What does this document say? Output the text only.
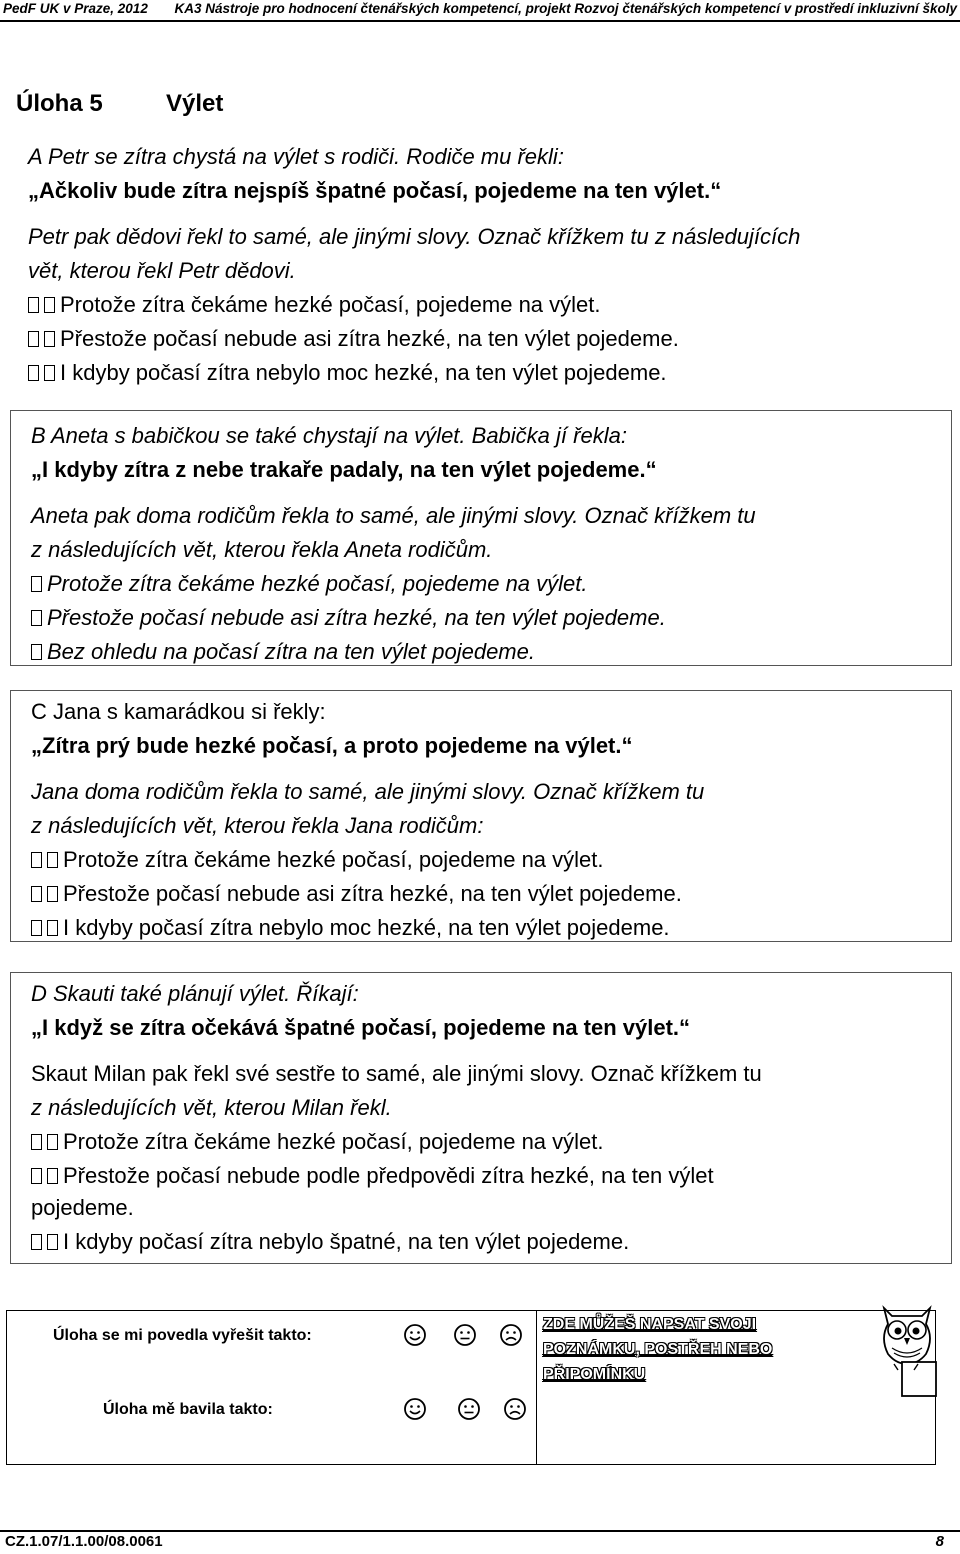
PedF UK v Praze, 2012 KA3 Nástroje pro hodnocení čtenářských kompetencí, projekt Rozvoj čtenářských kompetencí v prostředí inkluzivní školy
Úloha 5	Výlet
A Petr se zítra chystá na výlet s rodiči. Rodiče mu řekli:
„Ačkoliv bude zítra nejspíš špatné počasí, pojedeme na ten výlet.“
Petr pak dědovi řekl to samé, ale jinými slovy. Označ křížkem tu z následujících
vět, kterou řekl Petr dědovi.
Protože zítra čekáme hezké počasí, pojedeme na výlet.
Přestože počasí nebude asi zítra hezké, na ten výlet pojedeme.
I kdyby počasí zítra nebylo moc hezké, na ten výlet pojedeme.
B Aneta s babičkou se také chystají na výlet. Babička jí řekla:
„I kdyby zítra z nebe trakaře padaly, na ten výlet pojedeme.“
Aneta pak doma rodičům řekla to samé, ale jinými slovy. Označ křížkem tu
z následujících vět, kterou řekla Aneta rodičům.
Protože zítra čekáme hezké počasí, pojedeme na výlet.
Přestože počasí nebude asi zítra hezké, na ten výlet pojedeme.
Bez ohledu na počasí zítra na ten výlet pojedeme.
C Jana s kamarádkou si řekly:
„Zítra prý bude hezké počasí, a proto pojedeme na výlet.“
Jana doma rodičům řekla to samé, ale jinými slovy. Označ křížkem tu
z následujících vět, kterou řekla Jana rodičům:
Protože zítra čekáme hezké počasí, pojedeme na výlet.
Přestože počasí nebude asi zítra hezké, na ten výlet pojedeme.
I kdyby počasí zítra nebylo moc hezké, na ten výlet pojedeme.
D Skauti také plánují výlet. Říkají:
„I když se zítra očekává špatné počasí, pojedeme na ten výlet.“
Skaut Milan pak řekl své sestře to samé, ale jinými slovy. Označ křížkem tu
z následujících vět, kterou Milan řekl.
Protože zítra čekáme hezké počasí, pojedeme na výlet.
Přestože počasí nebude podle předpovědi zítra hezké, na ten výlet
pojedeme.
I kdyby počasí zítra nebylo špatné, na ten výlet pojedeme.
Úloha se mi povedla vyřešit takto:
Úloha mě bavila takto:
ZDE MŮŽEŠ NAPSAT SVOJI
POZNÁMKU, POSTŘEH NEBO
PŘIPOMÍNKU
CZ.1.07/1.1.00/08.0061	8
